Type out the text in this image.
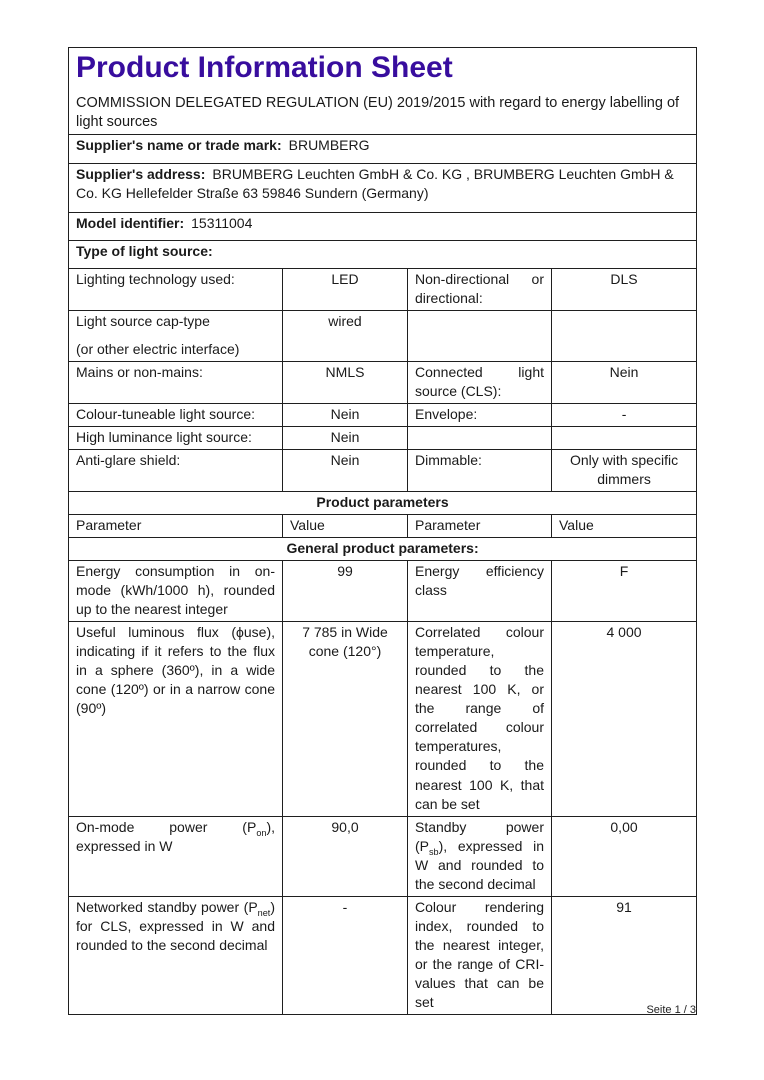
Product Information Sheet
COMMISSION DELEGATED REGULATION (EU) 2019/2015 with regard to energy labelling of light sources			

Supplier's name or trade mark: BRUMBERG			
Supplier's address: BRUMBERG Leuchten GmbH & Co. KG , BRUMBERG Leuchten GmbH & Co. KG Hellefelder Straße 63 59846 Sundern (Germany)			
Model identifier: 15311004			
Type of light source:			
Lighting technology used:	LED	Non-directional or directional:	DLS

Light source cap-type
(or other electric interface)	wired		
Mains or non-mains:	NMLS	Connected light source (CLS):	Nein
Colour-tuneable light source:	Nein	Envelope:	-
High luminance light source:	Nein		
Anti-glare shield:	Nein	Dimmable:	Only with specific dimmers
Product parameters			
Parameter	Value	Parameter	Value
General product parameters:			
Energy consumption in on-mode (kWh/1000 h), rounded up to the nearest integer	99	Energy efficiency class	F
Useful luminous flux (ϕuse), indicating if it refers to the flux in a sphere (360º), in a wide cone (120º) or in a narrow cone (90º)	7 785 in Wide cone (120°)	Correlated colour temperature, rounded to the nearest 100 K, or the range of correlated colour temperatures, rounded to the nearest 100 K, that can be set	4 000
On-mode power $(P_{on})$, expressed in W	90,0	Standby power $(P_{sb})$, expressed in W and rounded to the second decimal	0,00
Networked standby power $(P_{net})$ for CLS, expressed in W and rounded to the second decimal	-	Colour rendering index, rounded to the nearest integer, or the range of CRI-values that can be set	91
Seite 1 / 3
